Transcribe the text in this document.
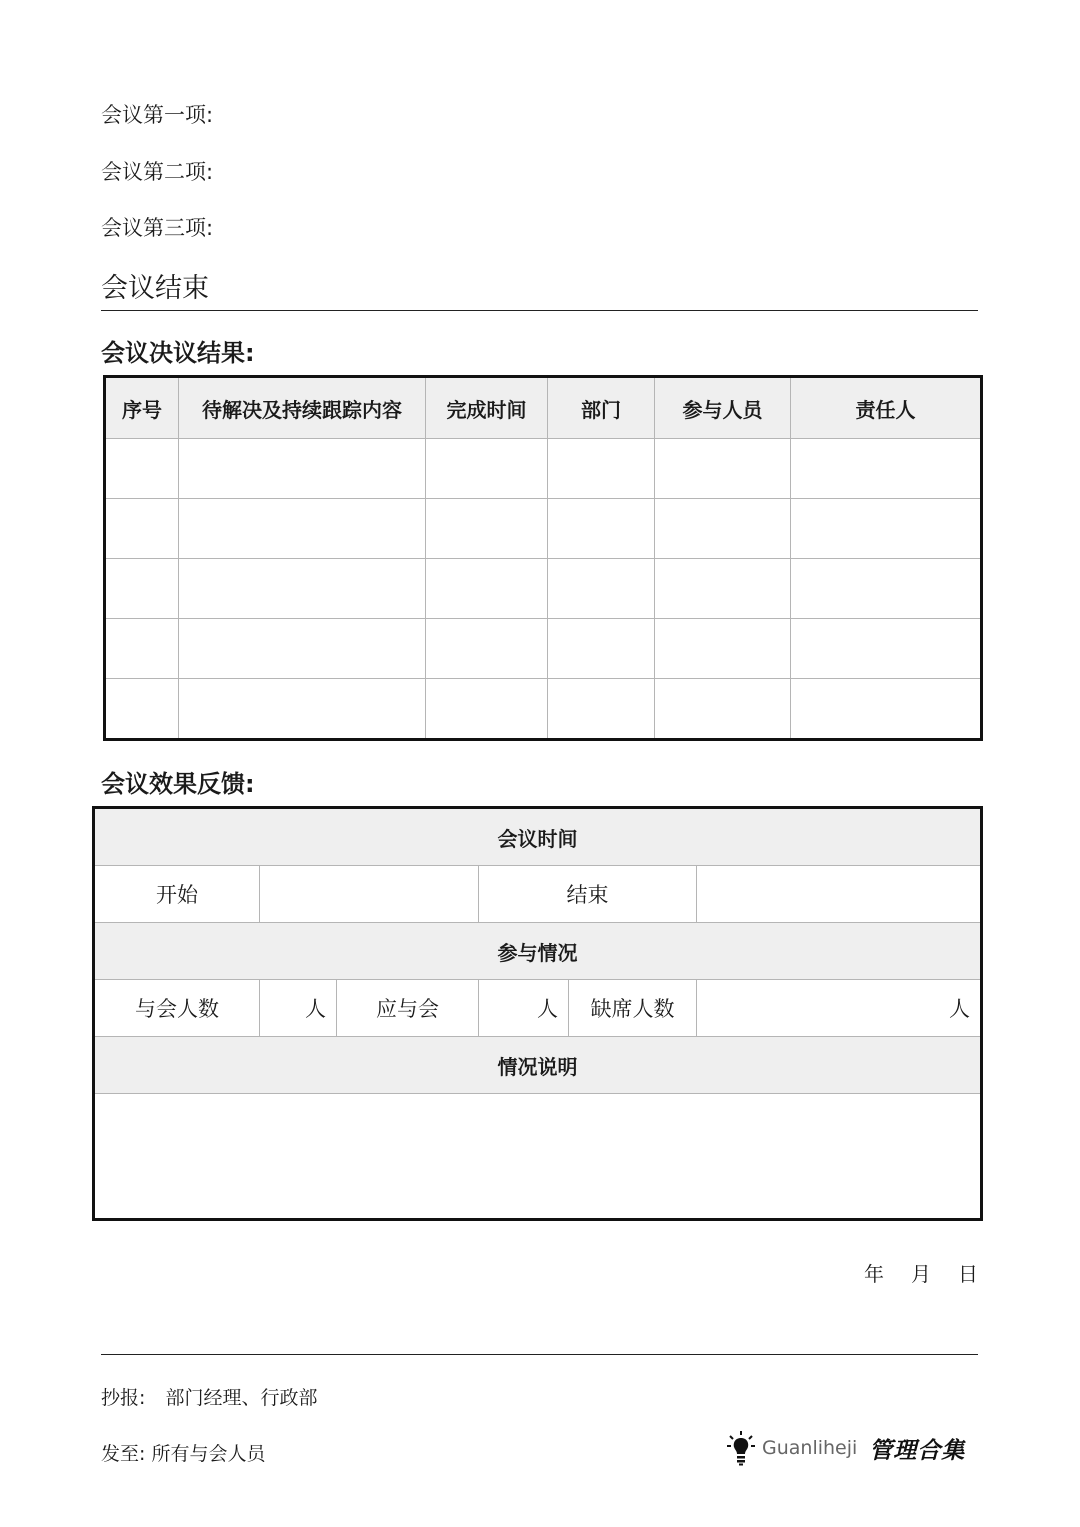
会议第一项:
会议第二项:
会议第三项:
会议结束
会议决议结果:
序号	待解决及持续跟踪内容	完成时间	部门	参与人员	责任人

会议效果反馈:
会议时间					
开始			结束		
参与情况					
与会人数	人	应与会	人	缺席人数	人
情况说明					

年 月 日
抄报: 部门经理、行政部
发至: 所有与会人员	Guanliheji 管理合集
